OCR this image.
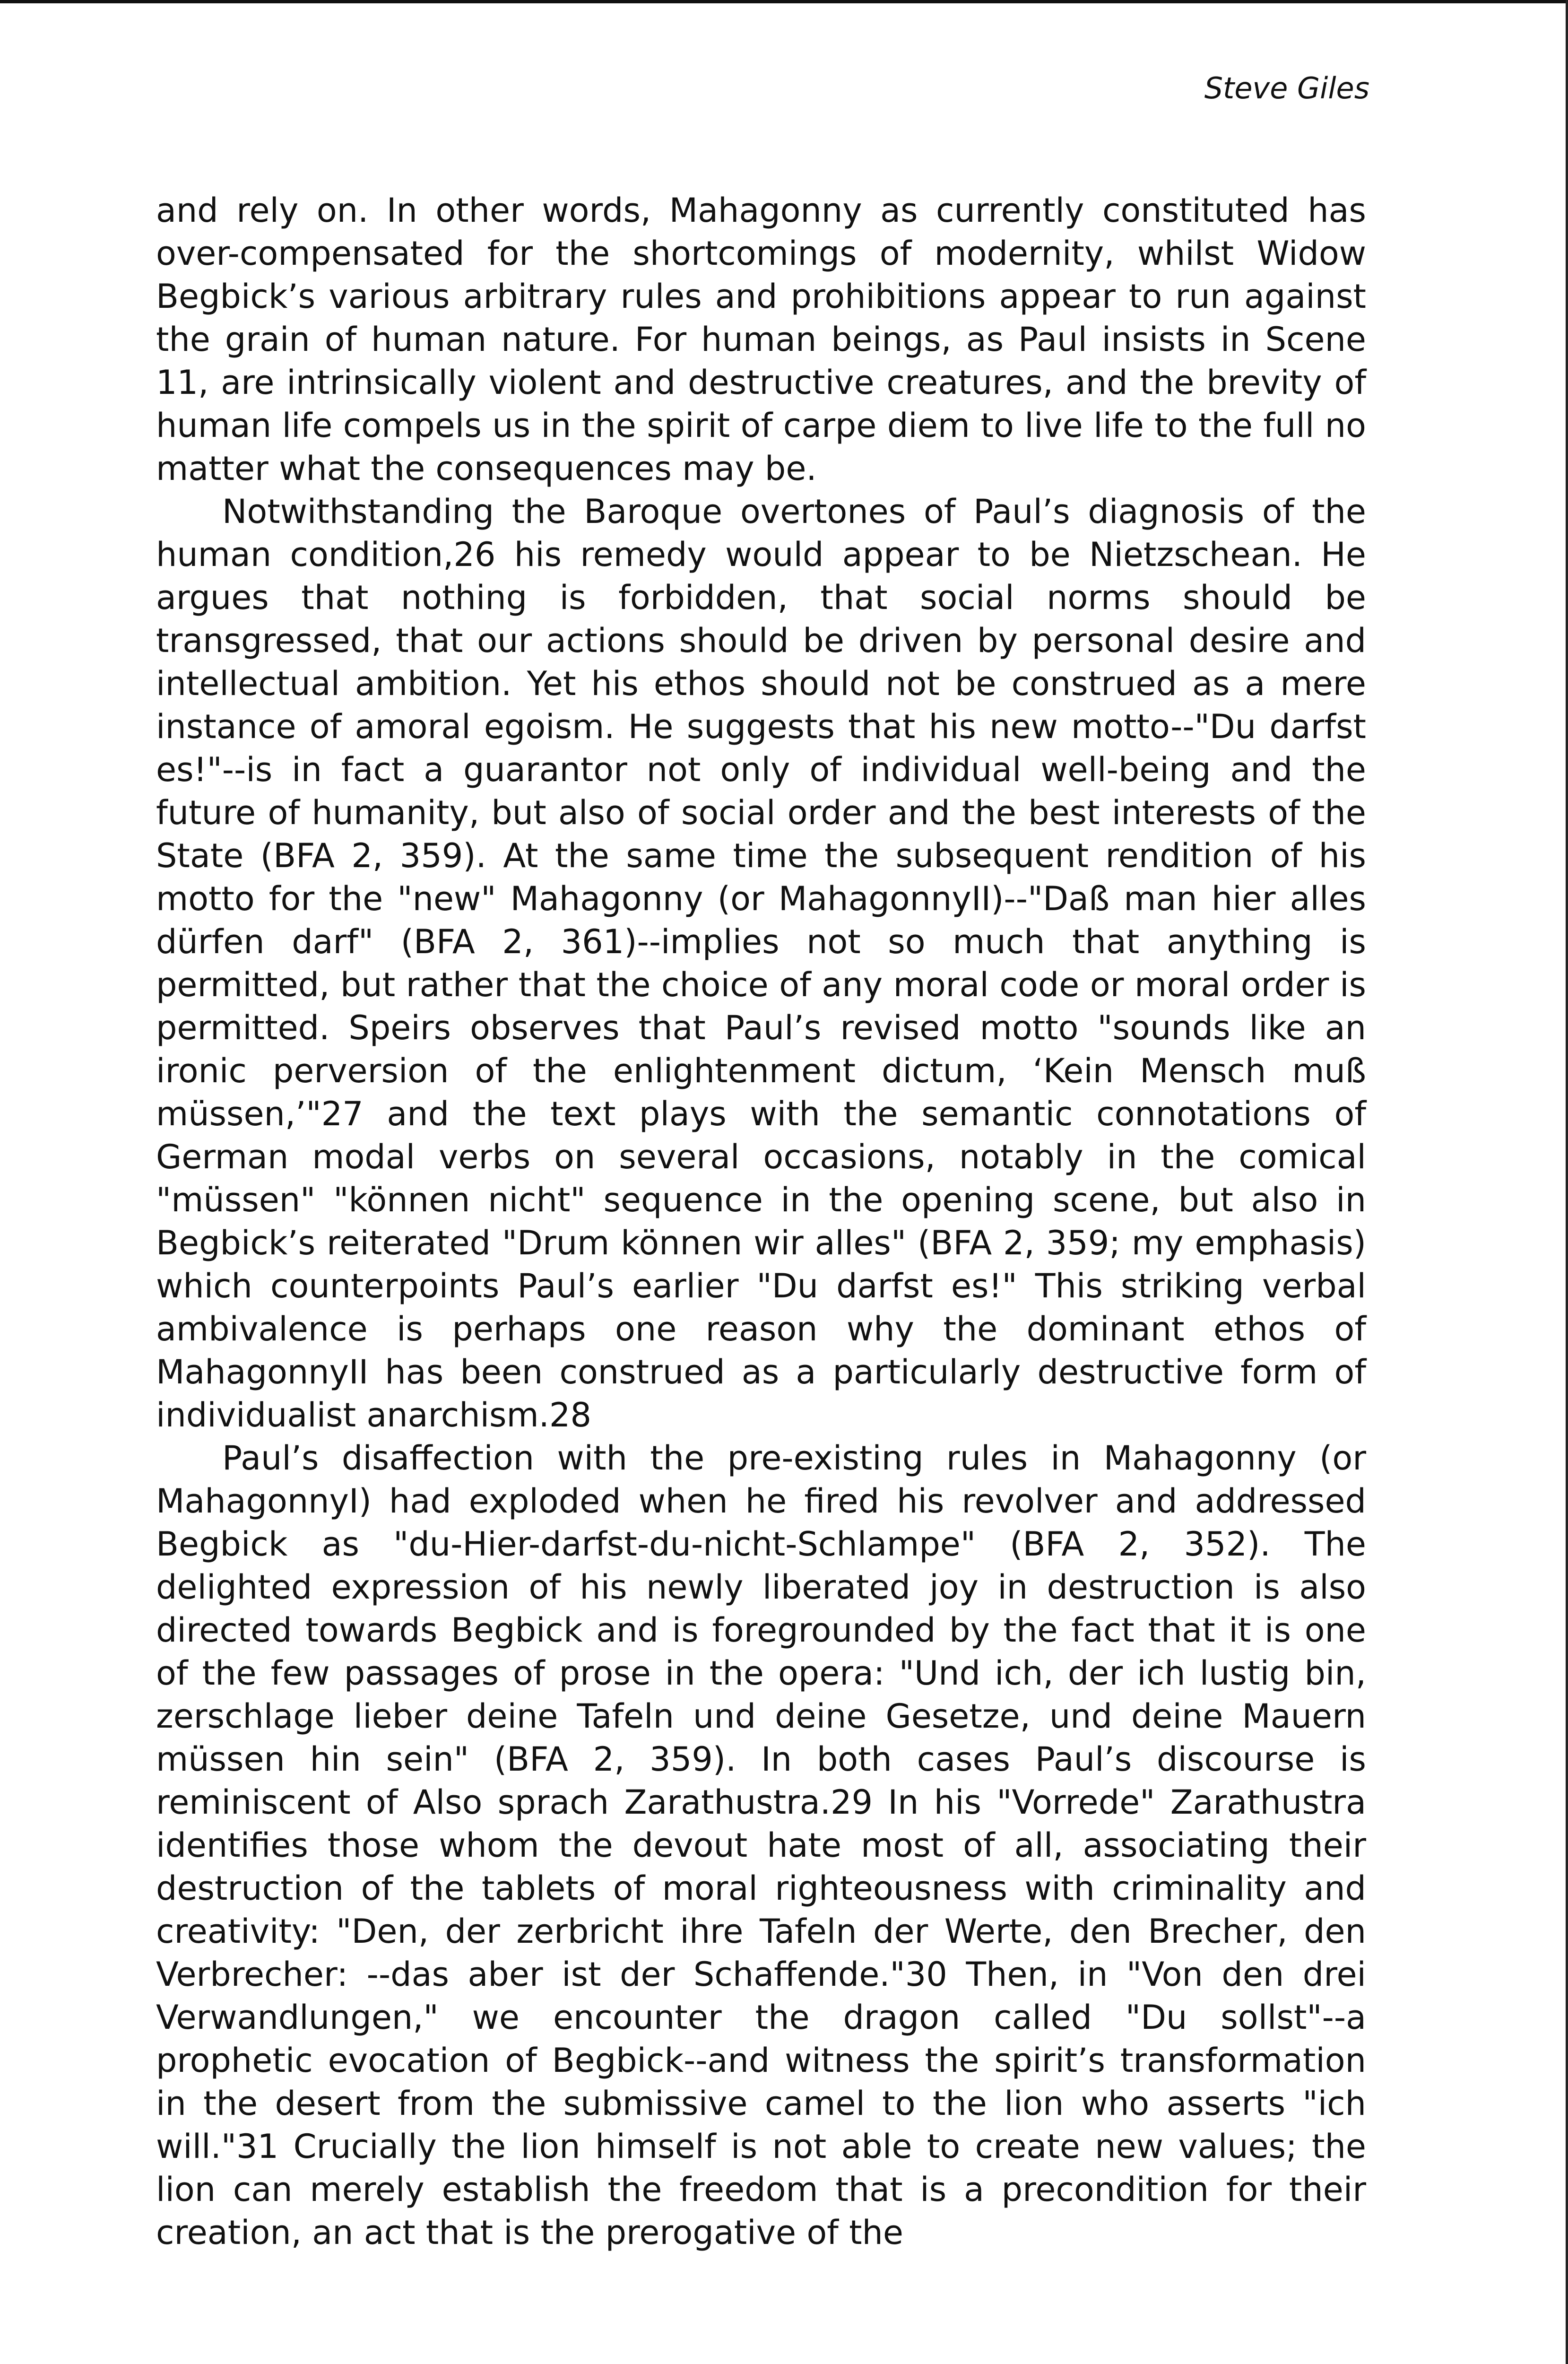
Steve Giles

and rely on. In other words, Mahagonny as currently constituted has over-compensated for the shortcomings of modernity, whilst Widow Begbick’s various arbitrary rules and prohibitions appear to run against the grain of human nature. For human beings, as Paul insists in Scene 11, are intrinsically violent and destructive creatures, and the brevity of human life compels us in the spirit of carpe diem to live life to the full no matter what the consequences may be.

Notwithstanding the Baroque overtones of Paul’s diagnosis of the human condition,26 his remedy would appear to be Nietzschean. He argues that nothing is forbidden, that social norms should be transgressed, that our actions should be driven by personal desire and intellectual ambition. Yet his ethos should not be construed as a mere instance of amoral egoism. He suggests that his new motto--"Du darfst es!"--is in fact a guarantor not only of individual well-being and the future of humanity, but also of social order and the best interests of the State (BFA 2, 359). At the same time the subsequent rendition of his motto for the "new" Mahagonny (or MahagonnyII)--"Daß man hier alles dürfen darf" (BFA 2, 361)--implies not so much that anything is permitted, but rather that the choice of any moral code or moral order is permitted. Speirs observes that Paul’s revised motto "sounds like an ironic perversion of the enlightenment dictum, ‘Kein Mensch muß müssen,’"27 and the text plays with the semantic connotations of German modal verbs on several occasions, notably in the comical "müssen" "können nicht" sequence in the opening scene, but also in Begbick’s reiterated "Drum können wir alles" (BFA 2, 359; my emphasis) which counterpoints Paul’s earlier "Du darfst es!" This striking verbal ambivalence is perhaps one reason why the dominant ethos of MahagonnyII has been construed as a particularly destructive form of individualist anarchism.28

Paul’s disaffection with the pre-existing rules in Mahagonny (or MahagonnyI) had exploded when he fired his revolver and addressed Begbick as "du-Hier-darfst-du-nicht-Schlampe" (BFA 2, 352). The delighted expression of his newly liberated joy in destruction is also directed towards Begbick and is foregrounded by the fact that it is one of the few passages of prose in the opera: "Und ich, der ich lustig bin, zerschlage lieber deine Tafeln und deine Gesetze, und deine Mauern müssen hin sein" (BFA 2, 359). In both cases Paul’s discourse is reminiscent of Also sprach Zarathustra.29 In his "Vorrede" Zarathustra identifies those whom the devout hate most of all, associating their destruction of the tablets of moral righteousness with criminality and creativity: "Den, der zerbricht ihre Tafeln der Werte, den Brecher, den Verbrecher: --das aber ist der Schaffende."30 Then, in "Von den drei Verwandlungen," we encounter the dragon called "Du sollst"--a prophetic evocation of Begbick--and witness the spirit’s transformation in the desert from the submissive camel to the lion who asserts "ich will."31 Crucially the lion himself is not able to create new values; the lion can merely establish the freedom that is a precondition for their creation, an act that is the prerogative of the
